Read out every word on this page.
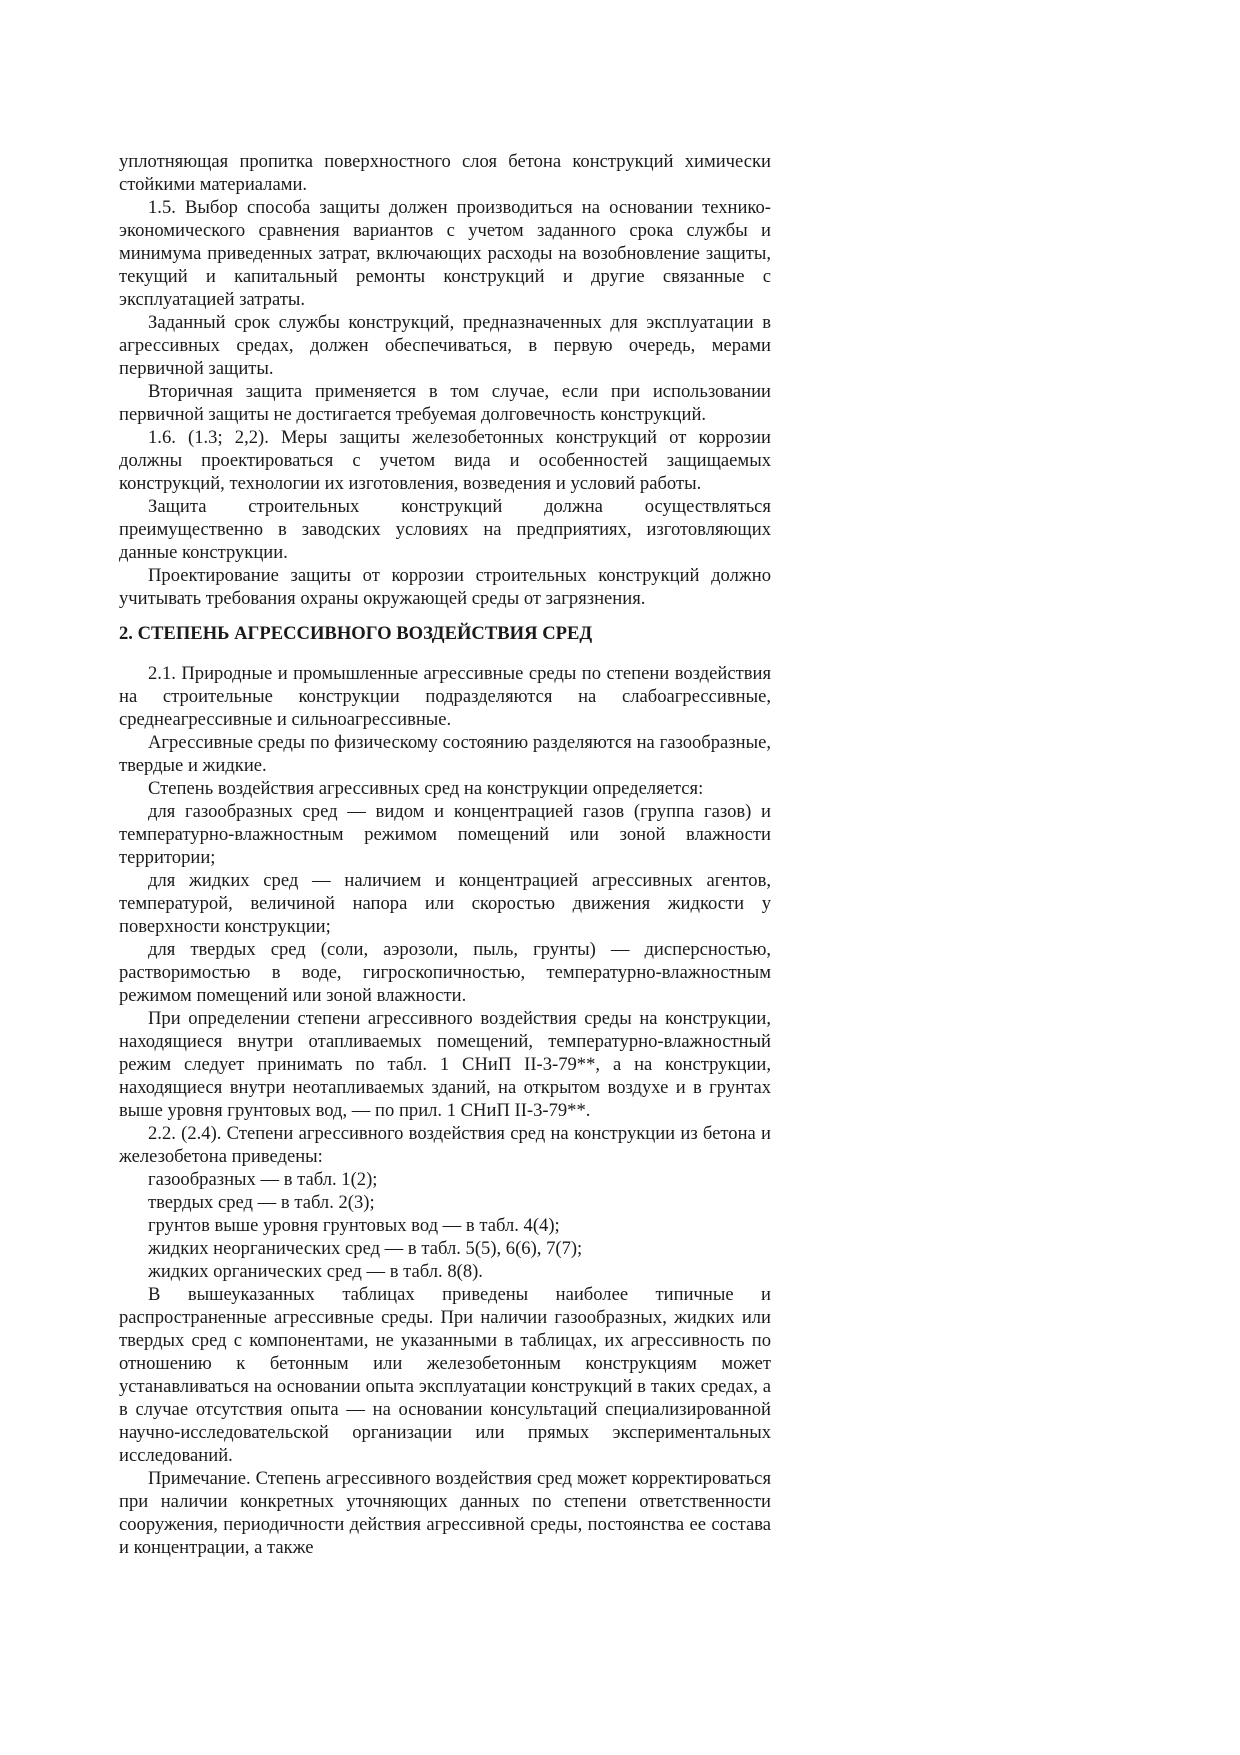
уплотняющая пропитка поверхностного слоя бетона конструкций химически стойкими материалами.

1.5. Выбор способа защиты должен производиться на основании технико-экономического сравнения вариантов с учетом заданного срока службы и минимума приведенных затрат, включающих расходы на возобновление защиты, текущий и капитальный ремонты конструкций и другие связанные с эксплуатацией затраты.

Заданный срок службы конструкций, предназначенных для эксплуатации в агрессивных средах, должен обеспечиваться, в первую очередь, мерами первичной защиты.

Вторичная защита применяется в том случае, если при использовании первичной защиты не достигается требуемая долговечность конструкций.

1.6. (1.3; 2,2). Меры защиты железобетонных конструкций от коррозии должны проектироваться с учетом вида и особенностей защищаемых конструкций, технологии их изготовления, возведения и условий работы.

Защита строительных конструкций должна осуществляться преимущественно в заводских условиях на предприятиях, изготовляющих данные конструкции.

Проектирование защиты от коррозии строительных конструкций должно учитывать требования охраны окружающей среды от загрязнения.

2. СТЕПЕНЬ АГРЕССИВНОГО ВОЗДЕЙСТВИЯ СРЕД

2.1. Природные и промышленные агрессивные среды по степени воздействия на строительные конструкции подразделяются на слабоагрессивные, среднеагрессивные и сильноагрессивные.

Агрессивные среды по физическому состоянию разделяются на газообразные, твердые и жидкие.

Степень воздействия агрессивных сред на конструкции определяется:

для газообразных сред — видом и концентрацией газов (группа газов) и температурно-влажностным режимом помещений или зоной влажности территории;

для жидких сред — наличием и концентрацией агрессивных агентов, температурой, величиной напора или скоростью движения жидкости у поверхности конструкции;

для твердых сред (соли, аэрозоли, пыль, грунты) — дисперсностью, растворимостью в воде, гигроскопичностью, температурно-влажностным режимом помещений или зоной влажности.

При определении степени агрессивного воздействия среды на конструкции, находящиеся внутри отапливаемых помещений, температурно-влажностный режим следует принимать по табл. 1 СНиП II-3-79**, а на конструкции, находящиеся внутри неотапливаемых зданий, на открытом воздухе и в грунтах выше уровня грунтовых вод, — по прил. 1 СНиП II-3-79**.

2.2. (2.4). Степени агрессивного воздействия сред на конструкции из бетона и железобетона приведены:

газообразных — в табл. 1(2);

твердых сред — в табл. 2(3);

грунтов выше уровня грунтовых вод — в табл. 4(4);

жидких неорганических сред — в табл. 5(5), 6(6), 7(7);

жидких органических сред — в табл. 8(8).

В вышеуказанных таблицах приведены наиболее типичные и распространенные агрессивные среды. При наличии газообразных, жидких или твердых сред с компонентами, не указанными в таблицах, их агрессивность по отношению к бетонным или железобетонным конструкциям может устанавливаться на основании опыта эксплуатации конструкций в таких средах, а в случае отсутствия опыта — на основании консультаций специализированной научно-исследовательской организации или прямых экспериментальных исследований.

Примечание. Степень агрессивного воздействия сред может корректироваться при наличии конкретных уточняющих данных по степени ответственности сооружения, периодичности действия агрессивной среды, постоянства ее состава и концентрации, а также
